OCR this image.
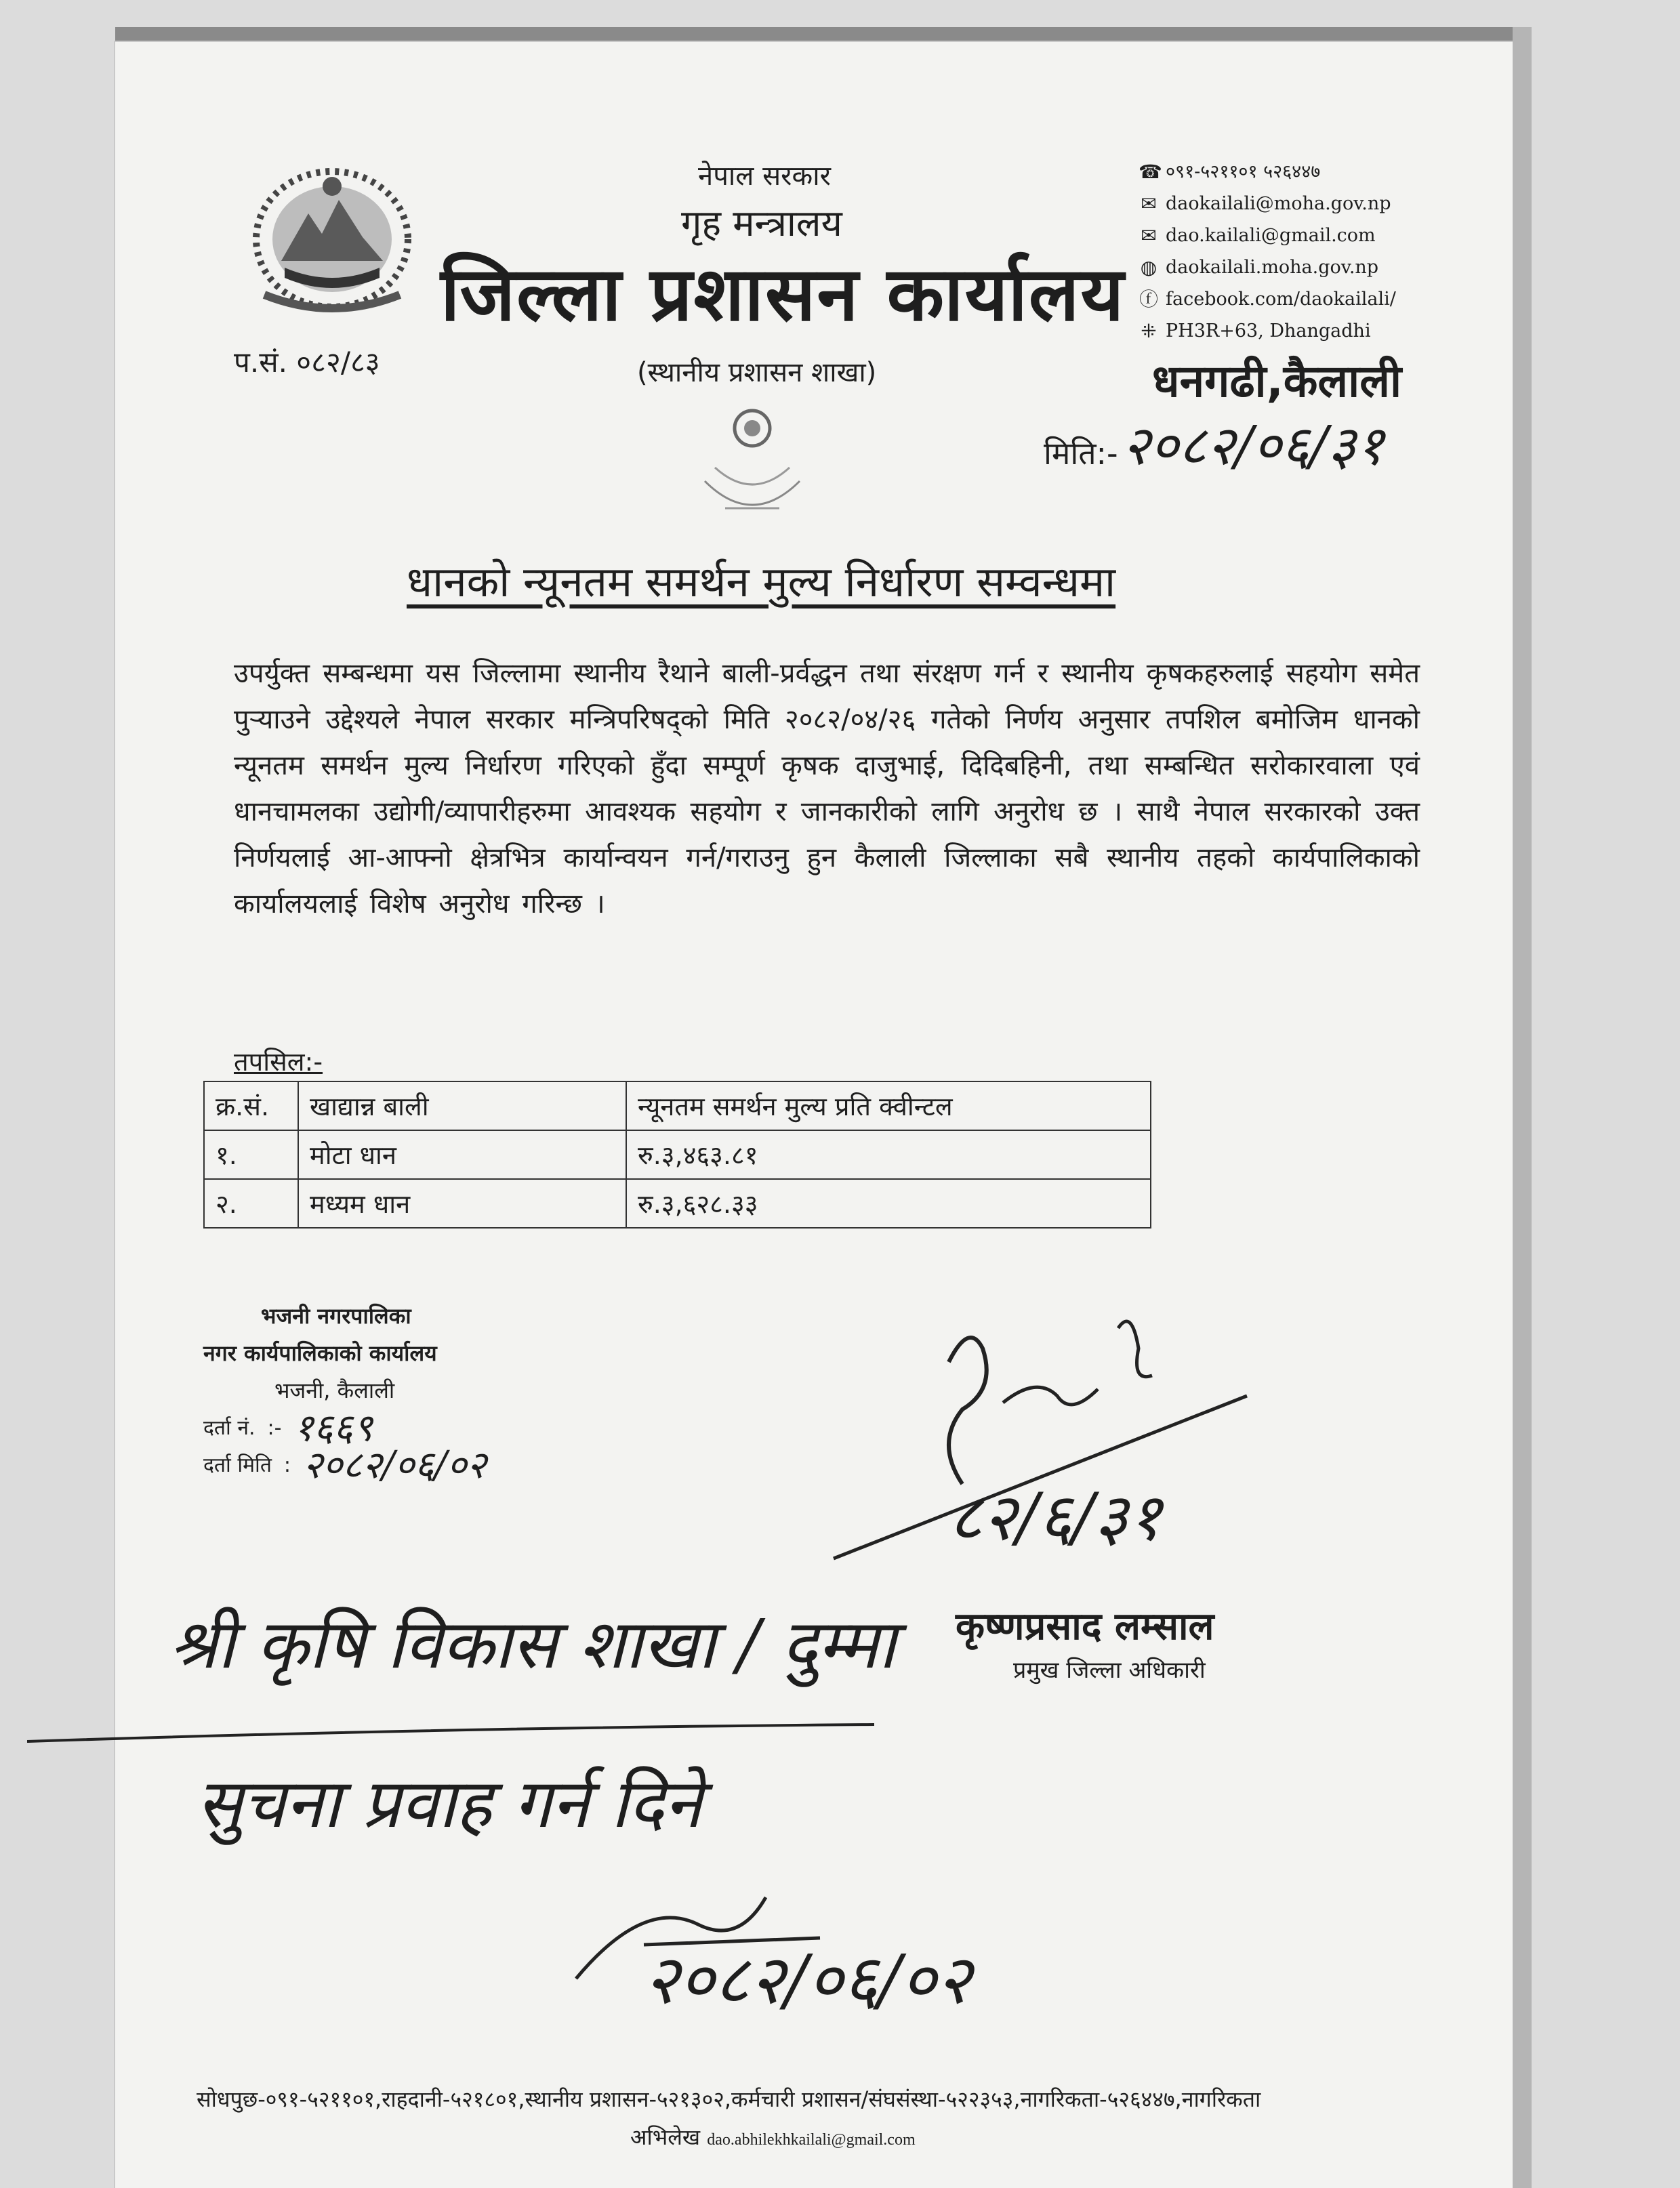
नेपाल सरकार
गृह मन्त्रालय
जिल्ला प्रशासन कार्यालय
(स्थानीय प्रशासन शाखा)
प.सं. ०८२/८३
☎ ०९१-५२११०१ ५२६४४७
✉ daokailali@moha.gov.np
✉ dao.kailali@gmail.com
◍ daokailali.moha.gov.np
ⓕ facebook.com/daokailali/
⁜ PH3R+63, Dhangadhi
धनगढी,कैलाली
मिति:-२०८२/०६/३१
धानको न्यूनतम समर्थन मुल्य निर्धारण सम्वन्धमा
उपर्युक्त सम्बन्धमा यस जिल्लामा स्थानीय रैथाने बाली-प्रर्वद्धन तथा संरक्षण गर्न र स्थानीय कृषकहरुलाई सहयोग समेत पुऱ्याउने उद्देश्यले नेपाल सरकार मन्त्रिपरिषद्को मिति २०८२/०४/२६ गतेको निर्णय अनुसार तपशिल बमोजिम धानको न्यूनतम समर्थन मुल्य निर्धारण गरिएको हुँदा सम्पूर्ण कृषक दाजुभाई, दिदिबहिनी, तथा सम्बन्धित सरोकारवाला एवं धानचामलका उद्योगी/व्यापारीहरुमा आवश्यक सहयोग र जानकारीको लागि अनुरोध छ । साथै नेपाल सरकारको उक्त निर्णयलाई आ-आफ्नो क्षेत्रभित्र कार्यान्वयन गर्न/गराउनु हुन कैलाली जिल्लाका सबै स्थानीय तहको कार्यपालिकाको कार्यालयलाई विशेष अनुरोध गरिन्छ ।
तपसिल:-
क्र.सं.	खाद्यान्न बाली	न्यूनतम समर्थन मुल्य प्रति क्वीन्टल
१.	मोटा धान	रु.३,४६३.८१
२.	मध्यम धान	रु.३,६२८.३३
भजनी नगरपालिका
नगर कार्यपालिकाको कार्यालय
भजनी, कैलाली
दर्ता नं. :- १६६९
दर्ता मिति : २०८२/०६/०२
८२/६/३१
कृष्णप्रसाद लम्साल
प्रमुख जिल्ला अधिकारी
श्री कृषि विकास शाखा / दुम्मा
सुचना प्रवाह गर्न दिने
२०८२/०६/०२
सोधपुछ-०९१-५२११०१,राहदानी-५२१८०१,स्थानीय प्रशासन-५२१३०२,कर्मचारी प्रशासन/संघसंस्था-५२२३५३,नागरिकता-५२६४४७,नागरिकता
अभिलेख dao.abhilekhkailali@gmail.com
